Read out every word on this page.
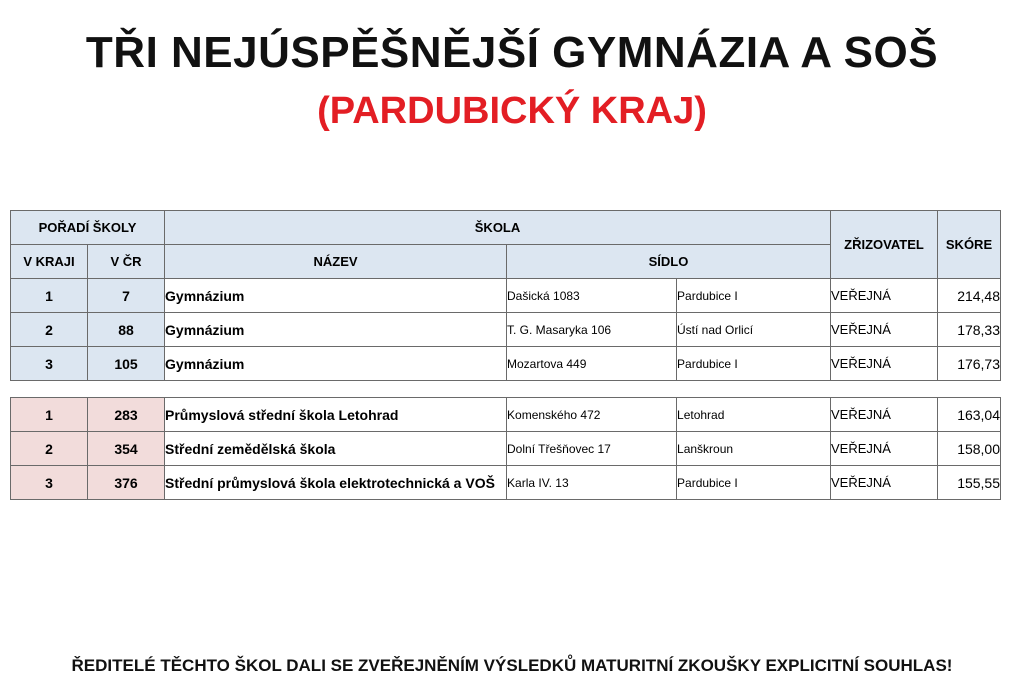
TŘI NEJÚSPĚŠNĚJŠÍ GYMNÁZIA A SOŠ
(PARDUBICKÝ KRAJ)
POŘADÍ ŠKOLY		ŠKOLA			ZŘIZOVATEL	SKÓRE
V KRAJI	V ČR	NÁZEV	SÍDLO			
1	7	Gymnázium	Dašická 1083	Pardubice I	VEŘEJNÁ	214,48
2	88	Gymnázium	T. G. Masaryka 106	Ústí nad Orlicí	VEŘEJNÁ	178,33
3	105	Gymnázium	Mozartova 449	Pardubice I	VEŘEJNÁ	176,73

1	283	Průmyslová střední škola Letohrad	Komenského 472	Letohrad	VEŘEJNÁ	163,04
2	354	Střední zemědělská škola	Dolní Třešňovec 17	Lanškroun	VEŘEJNÁ	158,00
3	376	Střední průmyslová škola elektrotechnická a VOŠ	Karla IV. 13	Pardubice I	VEŘEJNÁ	155,55
ŘEDITELÉ TĚCHTO ŠKOL DALI SE ZVEŘEJNĚNÍM VÝSLEDKŮ MATURITNÍ ZKOUŠKY EXPLICITNÍ SOUHLAS!
